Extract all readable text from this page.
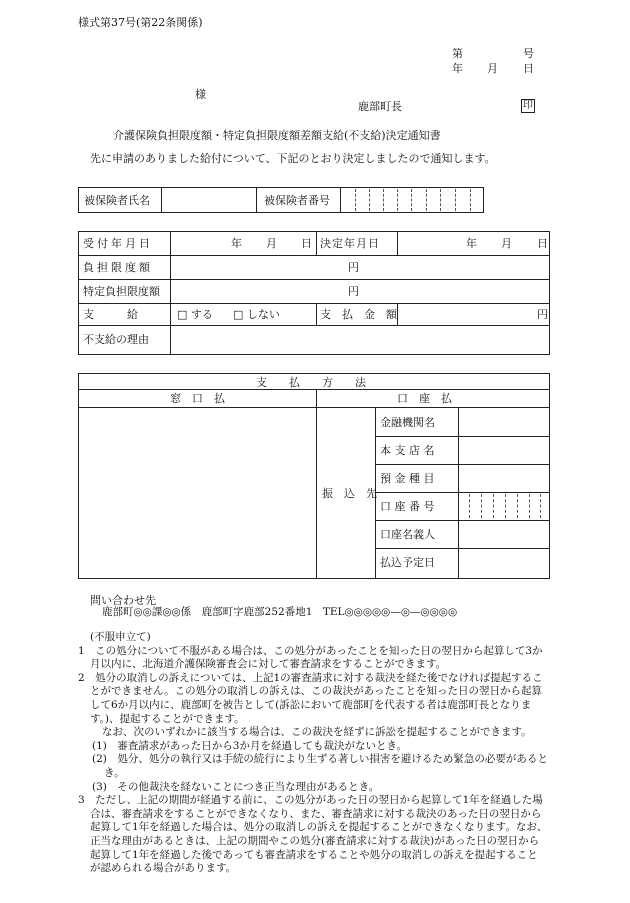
様式第37号(第22条関係)
第	号
年 月 日
様
鹿部町長	印
介護保険負担限度額・特定負担限度額差額支給(不支給)決定通知書
先に申請のありました給付について、下記のとおり決定しましたので通知します。
被保険者氏名	被保険者番号
受付年月日	年 月 日 決定年月日	年 月 日
負担限度額	円
特定負担限度額	円
支　　　給	□ する □ しない	支　払　金　額	円
不支給の理由
支　　払　　方　　法
窓　口　払	口　座　払
振　込　先
金融機関名
本 支 店 名
預 金 種 目
口 座 番 号
口座名義人
払込予定日
問い合わせ先
鹿部町◎◎課◎◎係　鹿部町字鹿部252番地1　TEL◎◎◎◎◎—◎—◎◎◎◎

(不服申立て)

1　この処分について不服がある場合は、この処分があったことを知った日の翌日から起算して3か月以内に、北海道介護保険審査会に対して審査請求をすることができます。

2　処分の取消しの訴えについては、上記1の審査請求に対する裁決を経た後でなければ提起することができません。この処分の取消しの訴えは、この裁決があったことを知った日の翌日から起算して6か月以内に、鹿部町を被告として(訴訟において鹿部町を代表する者は鹿部町長となります。)、提起することができます。

なお、次のいずれかに該当する場合は、この裁決を経ずに訴訟を提起することができます。

(1)　審査請求があった日から3か月を経過しても裁決がないとき。

(2)　処分、処分の執行又は手続の続行により生ずる著しい損害を避けるため緊急の必要があるとき。

(3)　その他裁決を経ないことにつき正当な理由があるとき。

3　ただし、上記の期間が経過する前に、この処分があった日の翌日から起算して1年を経過した場合は、審査請求をすることができなくなり、また、審査請求に対する裁決のあった日の翌日から起算して1年を経過した場合は、処分の取消しの訴えを提起することができなくなります。なお、正当な理由があるときは、上記の期間やこの処分(審査請求に対する裁決)があった日の翌日から起算して1年を経過した後であっても審査請求をすることや処分の取消しの訴えを提起することが認められる場合があります。
